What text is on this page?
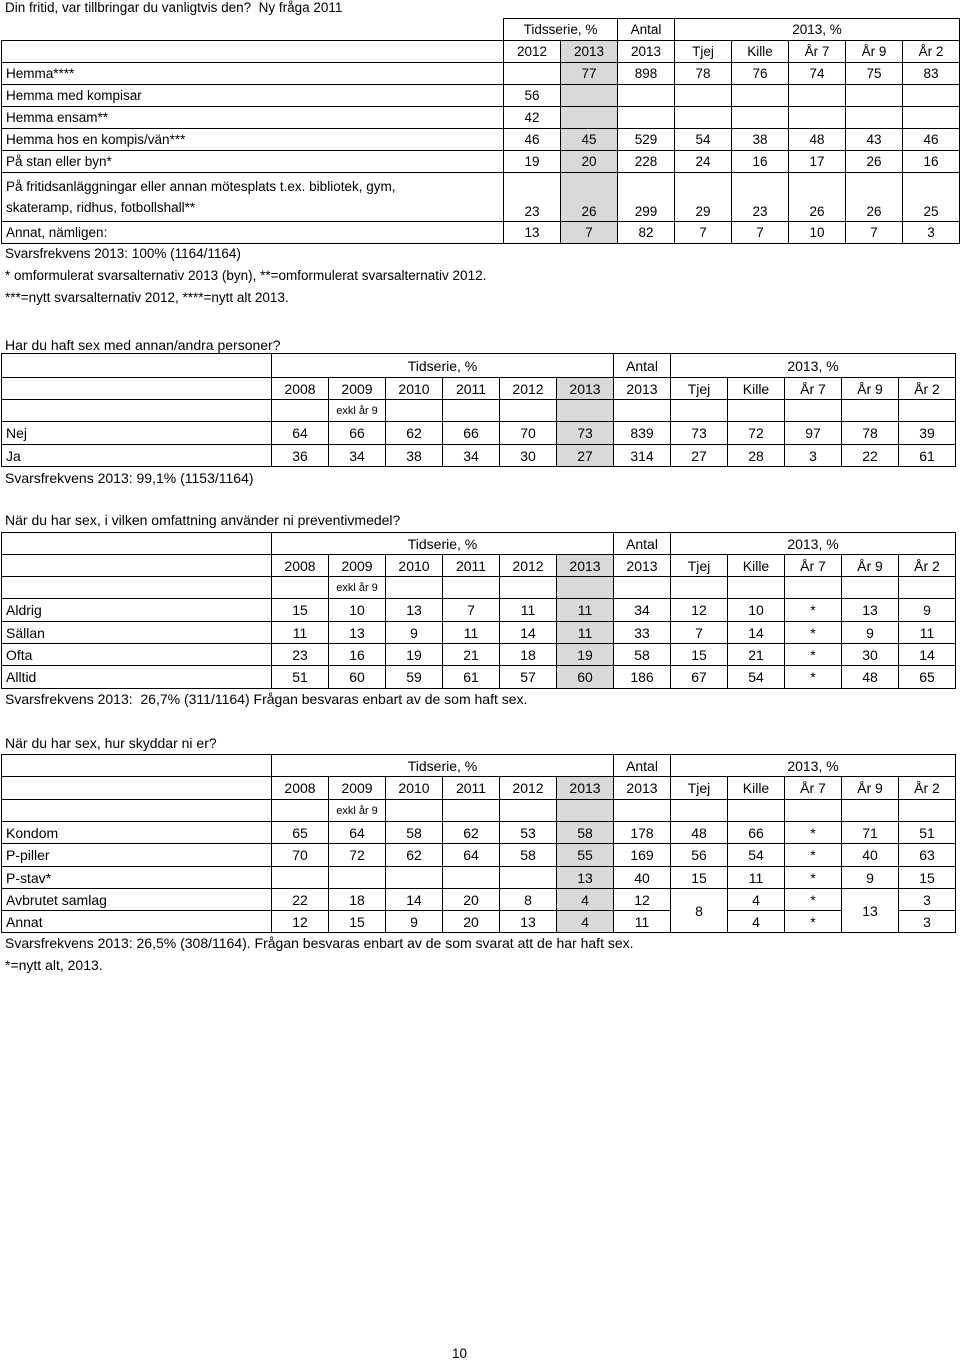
Din fritid, var tillbringar du vanligtvis den?  Ny fråga 2011
	Tidsserie, %		Antal	2013, %				
	2012	2013	2013	Tjej	Kille	År 7	År 9	År 2
Hemma****		77	898	78	76	74	75	83
Hemma med kompisar	56							
Hemma ensam**	42							
Hemma hos en kompis/vän***	46	45	529	54	38	48	43	46
På stan eller byn*	19	20	228	24	16	17	26	16

På fritidsanläggningar eller annan mötesplats t.ex. bibliotek, gym,
skateramp, ridhus, fotbollshall**	23	26	299	29	23	26	26	25
Annat, nämligen:	13	7	82	7	7	10	7	3
Svarsfrekvens 2013: 100% (1164/1164)
* omformulerat svarsalternativ 2013 (byn), **=omformulerat svarsalternativ 2012.
***=nytt svarsalternativ 2012, ****=nytt alt 2013.
Har du haft sex med annan/andra personer?
	Tidserie, %						Antal	2013, %				
	2008	2009	2010	2011	2012	2013	2013	Tjej	Kille	År 7	År 9	År 2
		exkl år 9										
Nej	64	66	62	66	70	73	839	73	72	97	78	39
Ja	36	34	38	34	30	27	314	27	28	3	22	61
Svarsfrekvens 2013: 99,1% (1153/1164)
När du har sex, i vilken omfattning använder ni preventivmedel?
	Tidserie, %						Antal	2013, %				
	2008	2009	2010	2011	2012	2013	2013	Tjej	Kille	År 7	År 9	År 2
		exkl år 9										
Aldrig	15	10	13	7	11	11	34	12	10	*	13	9
Sällan	11	13	9	11	14	11	33	7	14	*	9	11
Ofta	23	16	19	21	18	19	58	15	21	*	30	14
Alltid	51	60	59	61	57	60	186	67	54	*	48	65
Svarsfrekvens 2013:  26,7% (311/1164) Frågan besvaras enbart av de som haft sex.
När du har sex, hur skyddar ni er?
	Tidserie, %						Antal	2013, %				
	2008	2009	2010	2011	2012	2013	2013	Tjej	Kille	År 7	År 9	År 2
		exkl år 9										
Kondom	65	64	58	62	53	58	178	48	66	*	71	51
P-piller	70	72	62	64	58	55	169	56	54	*	40	63
P-stav*						13	40	15	11	*	9	15
Avbrutet samlag	22	18	14	20	8	4	12	8	4	*	13	3
Annat	12	15	9	20	13	4	11		4	*		3
Svarsfrekvens 2013: 26,5% (308/1164). Frågan besvaras enbart av de som svarat att de har haft sex.
*=nytt alt, 2013.
10
